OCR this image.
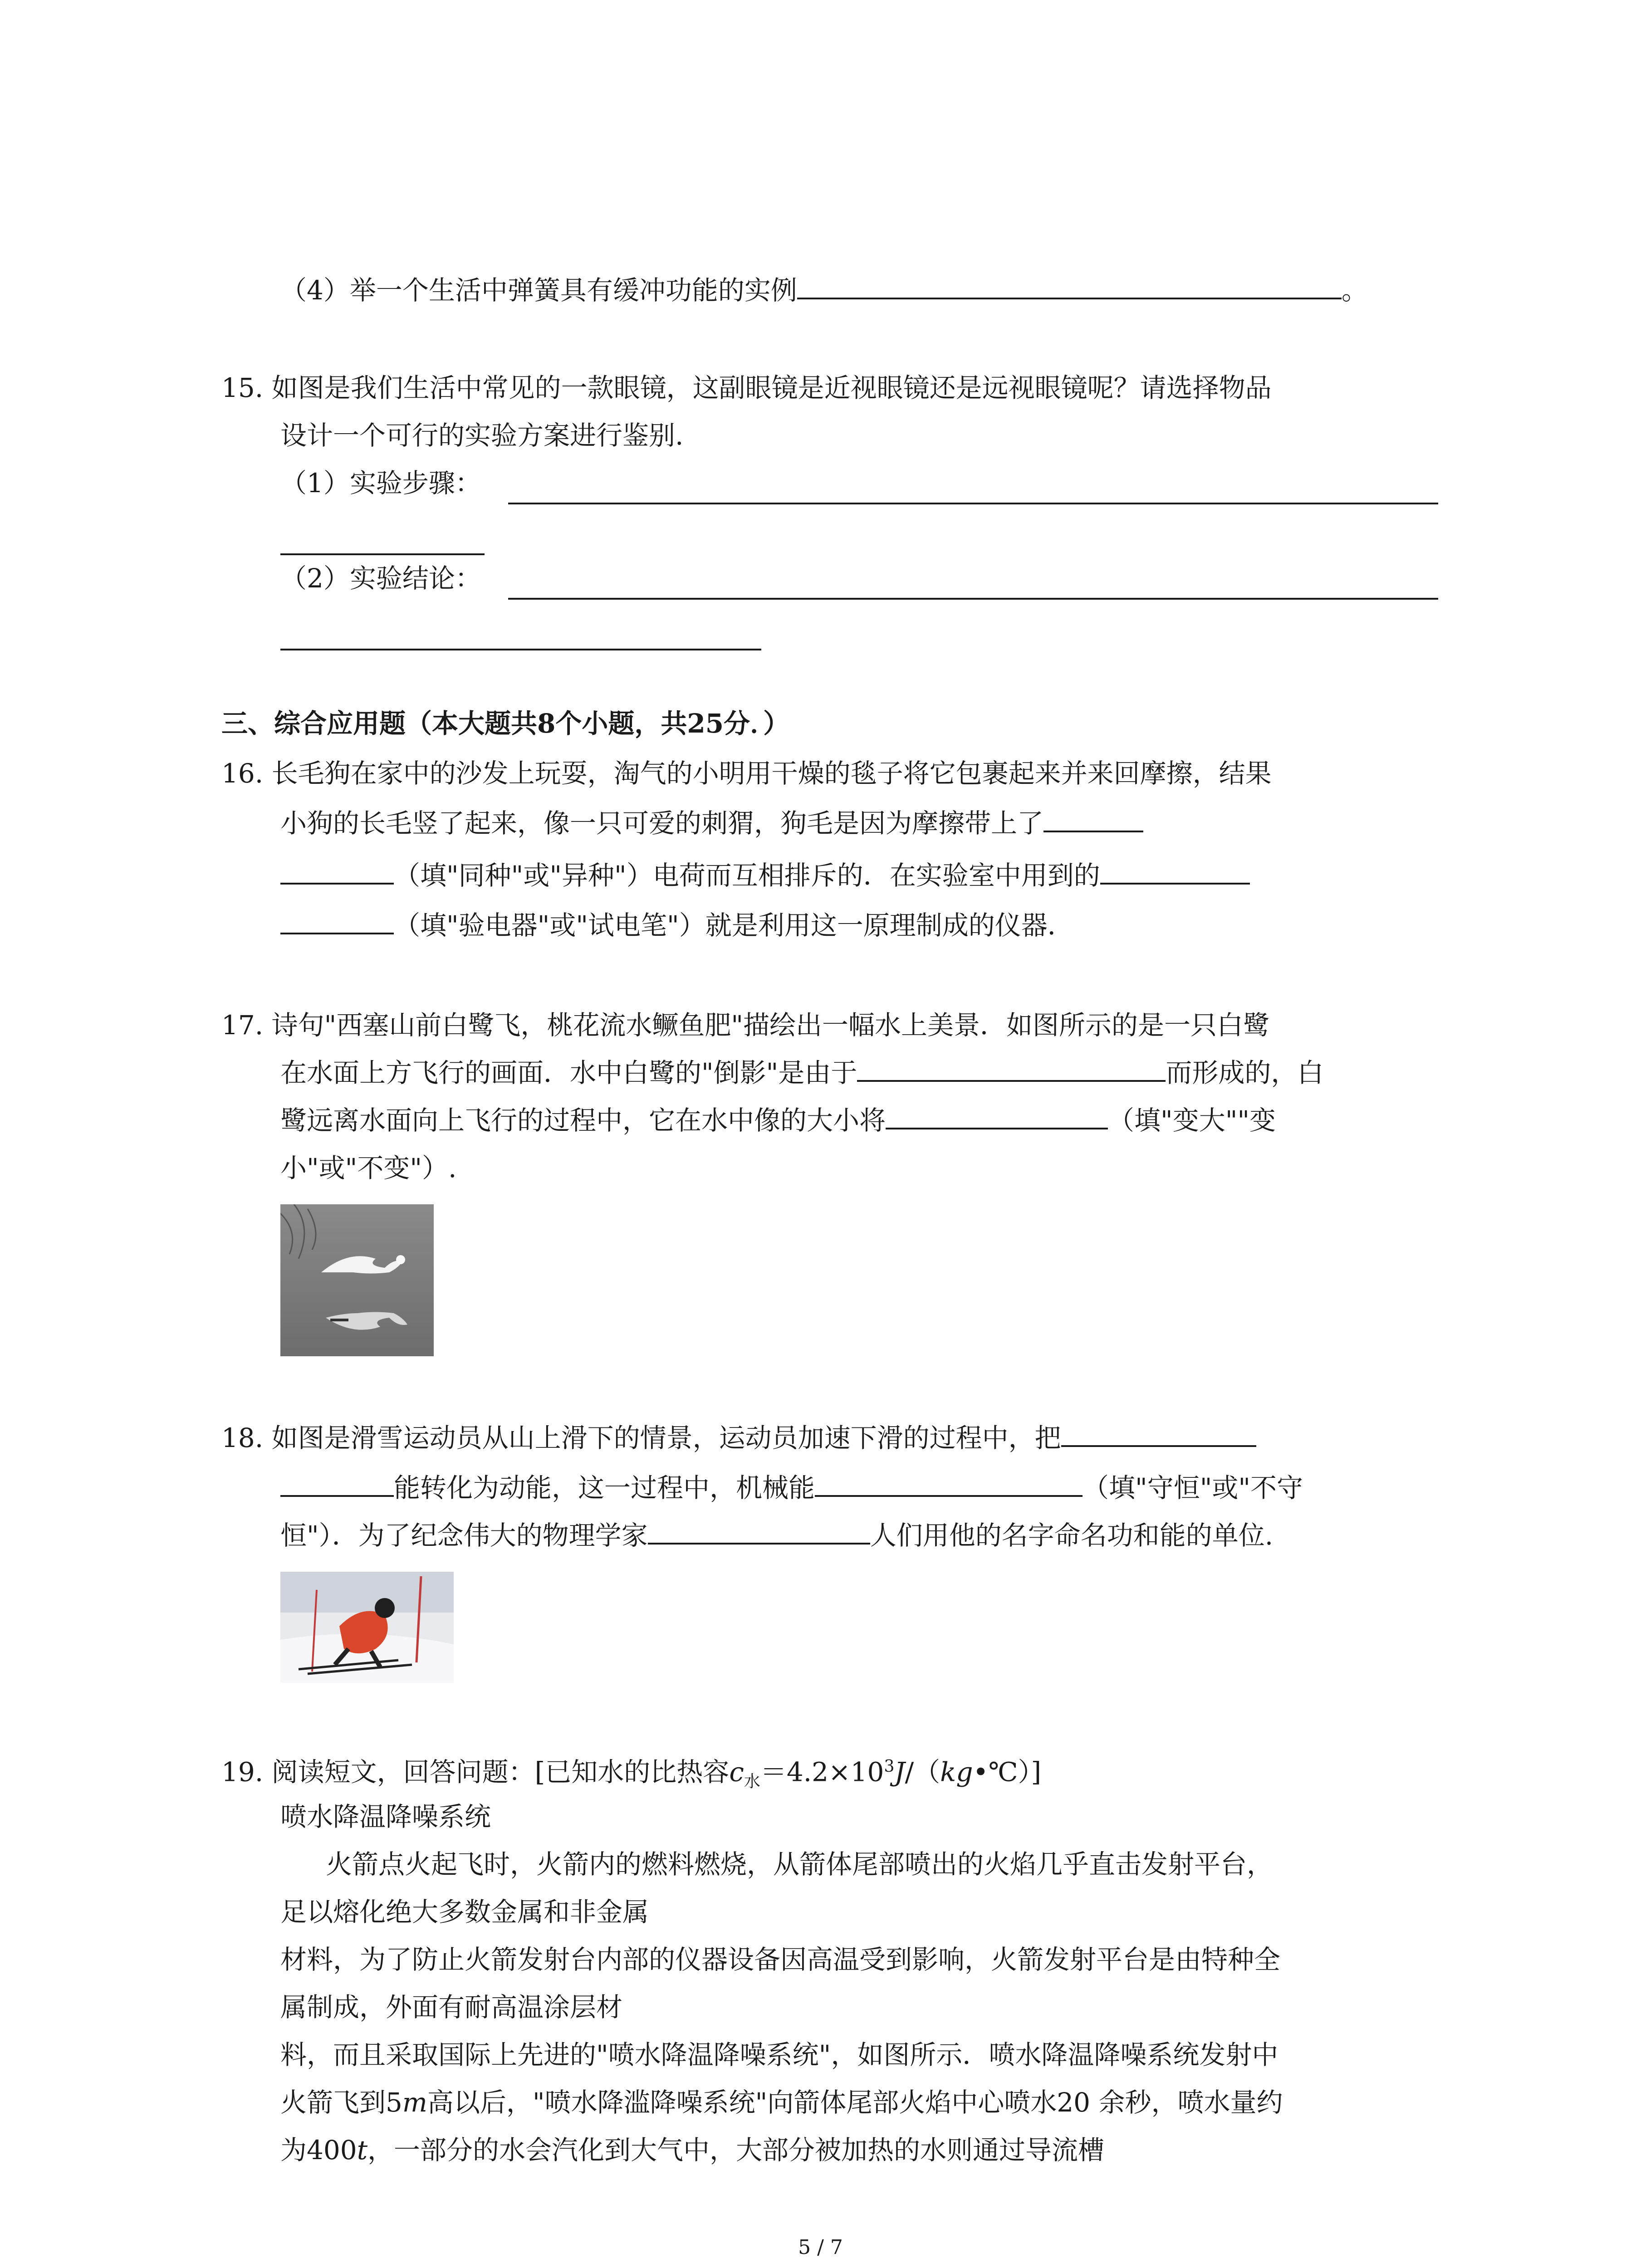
（4）举一个生活中弹簧具有缓冲功能的实例	。
15. 如图是我们生活中常见的一款眼镜，这副眼镜是近视眼镜还是远视眼镜呢？请选择物品
设计一个可行的实验方案进行鉴别.
（1）实验步骤：
（2）实验结论：
三、综合应用题（本大题共8个小题，共25分．）
16. 长毛狗在家中的沙发上玩耍，淘气的小明用干燥的毯子将它包裹起来并来回摩擦，结果
小狗的长毛竖了起来，像一只可爱的刺猬，狗毛是因为摩擦带上了
（填"同种"或"异种"）电荷而互相排斥的．在实验室中用到的
（填"验电器"或"试电笔"）就是利用这一原理制成的仪器．
17. 诗句"西塞山前白鹭飞，桃花流水鳜鱼肥"描绘出一幅水上美景．如图所示的是一只白鹭
在水面上方飞行的画面．水中白鹭的"倒影"是由于	而形成的，白
鹭远离水面向上飞行的过程中，它在水中像的大小将	（填"变大""变
小"或"不变"）.
18. 如图是滑雪运动员从山上滑下的情景，运动员加速下滑的过程中，把
能转化为动能，这一过程中，机械能	（填"守恒"或"不守
恒"）．为了纪念伟大的物理学家	人们用他的名字命名功和能的单位.
19. 阅读短文，回答问题：[已知水的比热容$c_水=4.2\times 10^3J/(kg•℃)$]
喷水降温降噪系统
火箭点火起飞时，火箭内的燃料燃烧，从箭体尾部喷出的火焰几乎直击发射平台，
足以熔化绝大多数金属和非金属
材料，为了防止火箭发射台内部的仪器设备因高温受到影响，火箭发射平台是由特种全
属制成，外面有耐高温涂层材
料，而且采取国际上先进的"喷水降温降噪系统"，如图所示．喷水降温降噪系统发射中
火箭飞到5m高以后，"喷水降滥降噪系统"向箭体尾部火焰中心喷水20 余秒，喷水量约
为400t，一部分的水会汽化到大气中，大部分被加热的水则通过导流槽
5 / 7
